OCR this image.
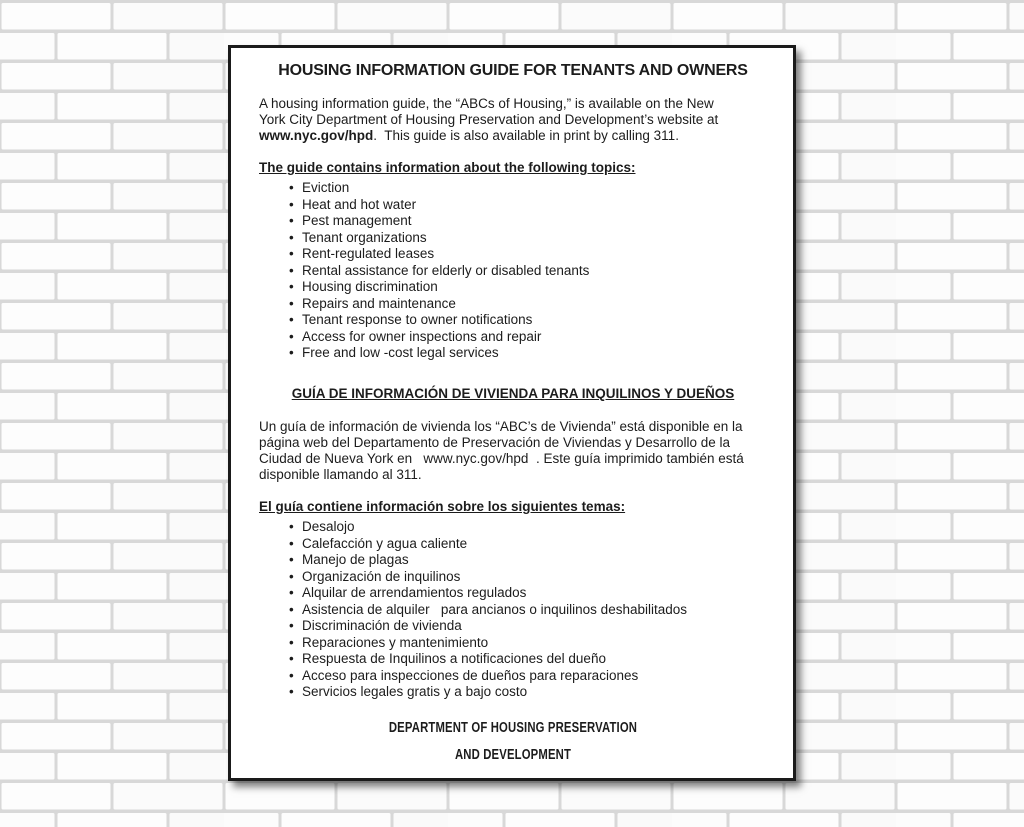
HOUSING INFORMATION GUIDE FOR TENANTS AND OWNERS

A housing information guide, the “ABCs of Housing,” is available on the New
York City Department of Housing Preservation and Development’s website at
www.nyc.gov/hpd.  This guide is also available in print by calling 311.

The guide contains information about the following topics:
• Eviction
• Heat and hot water
• Pest management
• Tenant organizations
• Rent-regulated leases
• Rental assistance for elderly or disabled tenants
• Housing discrimination
• Repairs and maintenance
• Tenant response to owner notifications
• Access for owner inspections and repair
• Free and low -cost legal services
GUÍA DE INFORMACIÓN DE VIVIENDA PARA INQUILINOS Y DUEÑOS

Un guía de información de vivienda los “ABC’s de Vivienda” está disponible en la
página web del Departamento de Preservación de Viviendas y Desarrollo de la
Ciudad de Nueva York en   www.nyc.gov/hpd  . Este guía imprimido también está
disponible llamando al 311.

El guía contiene información sobre los siguientes temas:
• Desalojo
• Calefacción y agua caliente
• Manejo de plagas
• Organización de inquilinos
• Alquilar de arrendamientos regulados
• Asistencia de alquiler   para ancianos o inquilinos deshabilitados
• Discriminación de vivienda
• Reparaciones y mantenimiento
• Respuesta de Inquilinos a notificaciones del dueño
• Acceso para inspecciones de dueños para reparaciones
• Servicios legales gratis y a bajo costo
DEPARTMENT OF HOUSING PRESERVATION
AND DEVELOPMENT
